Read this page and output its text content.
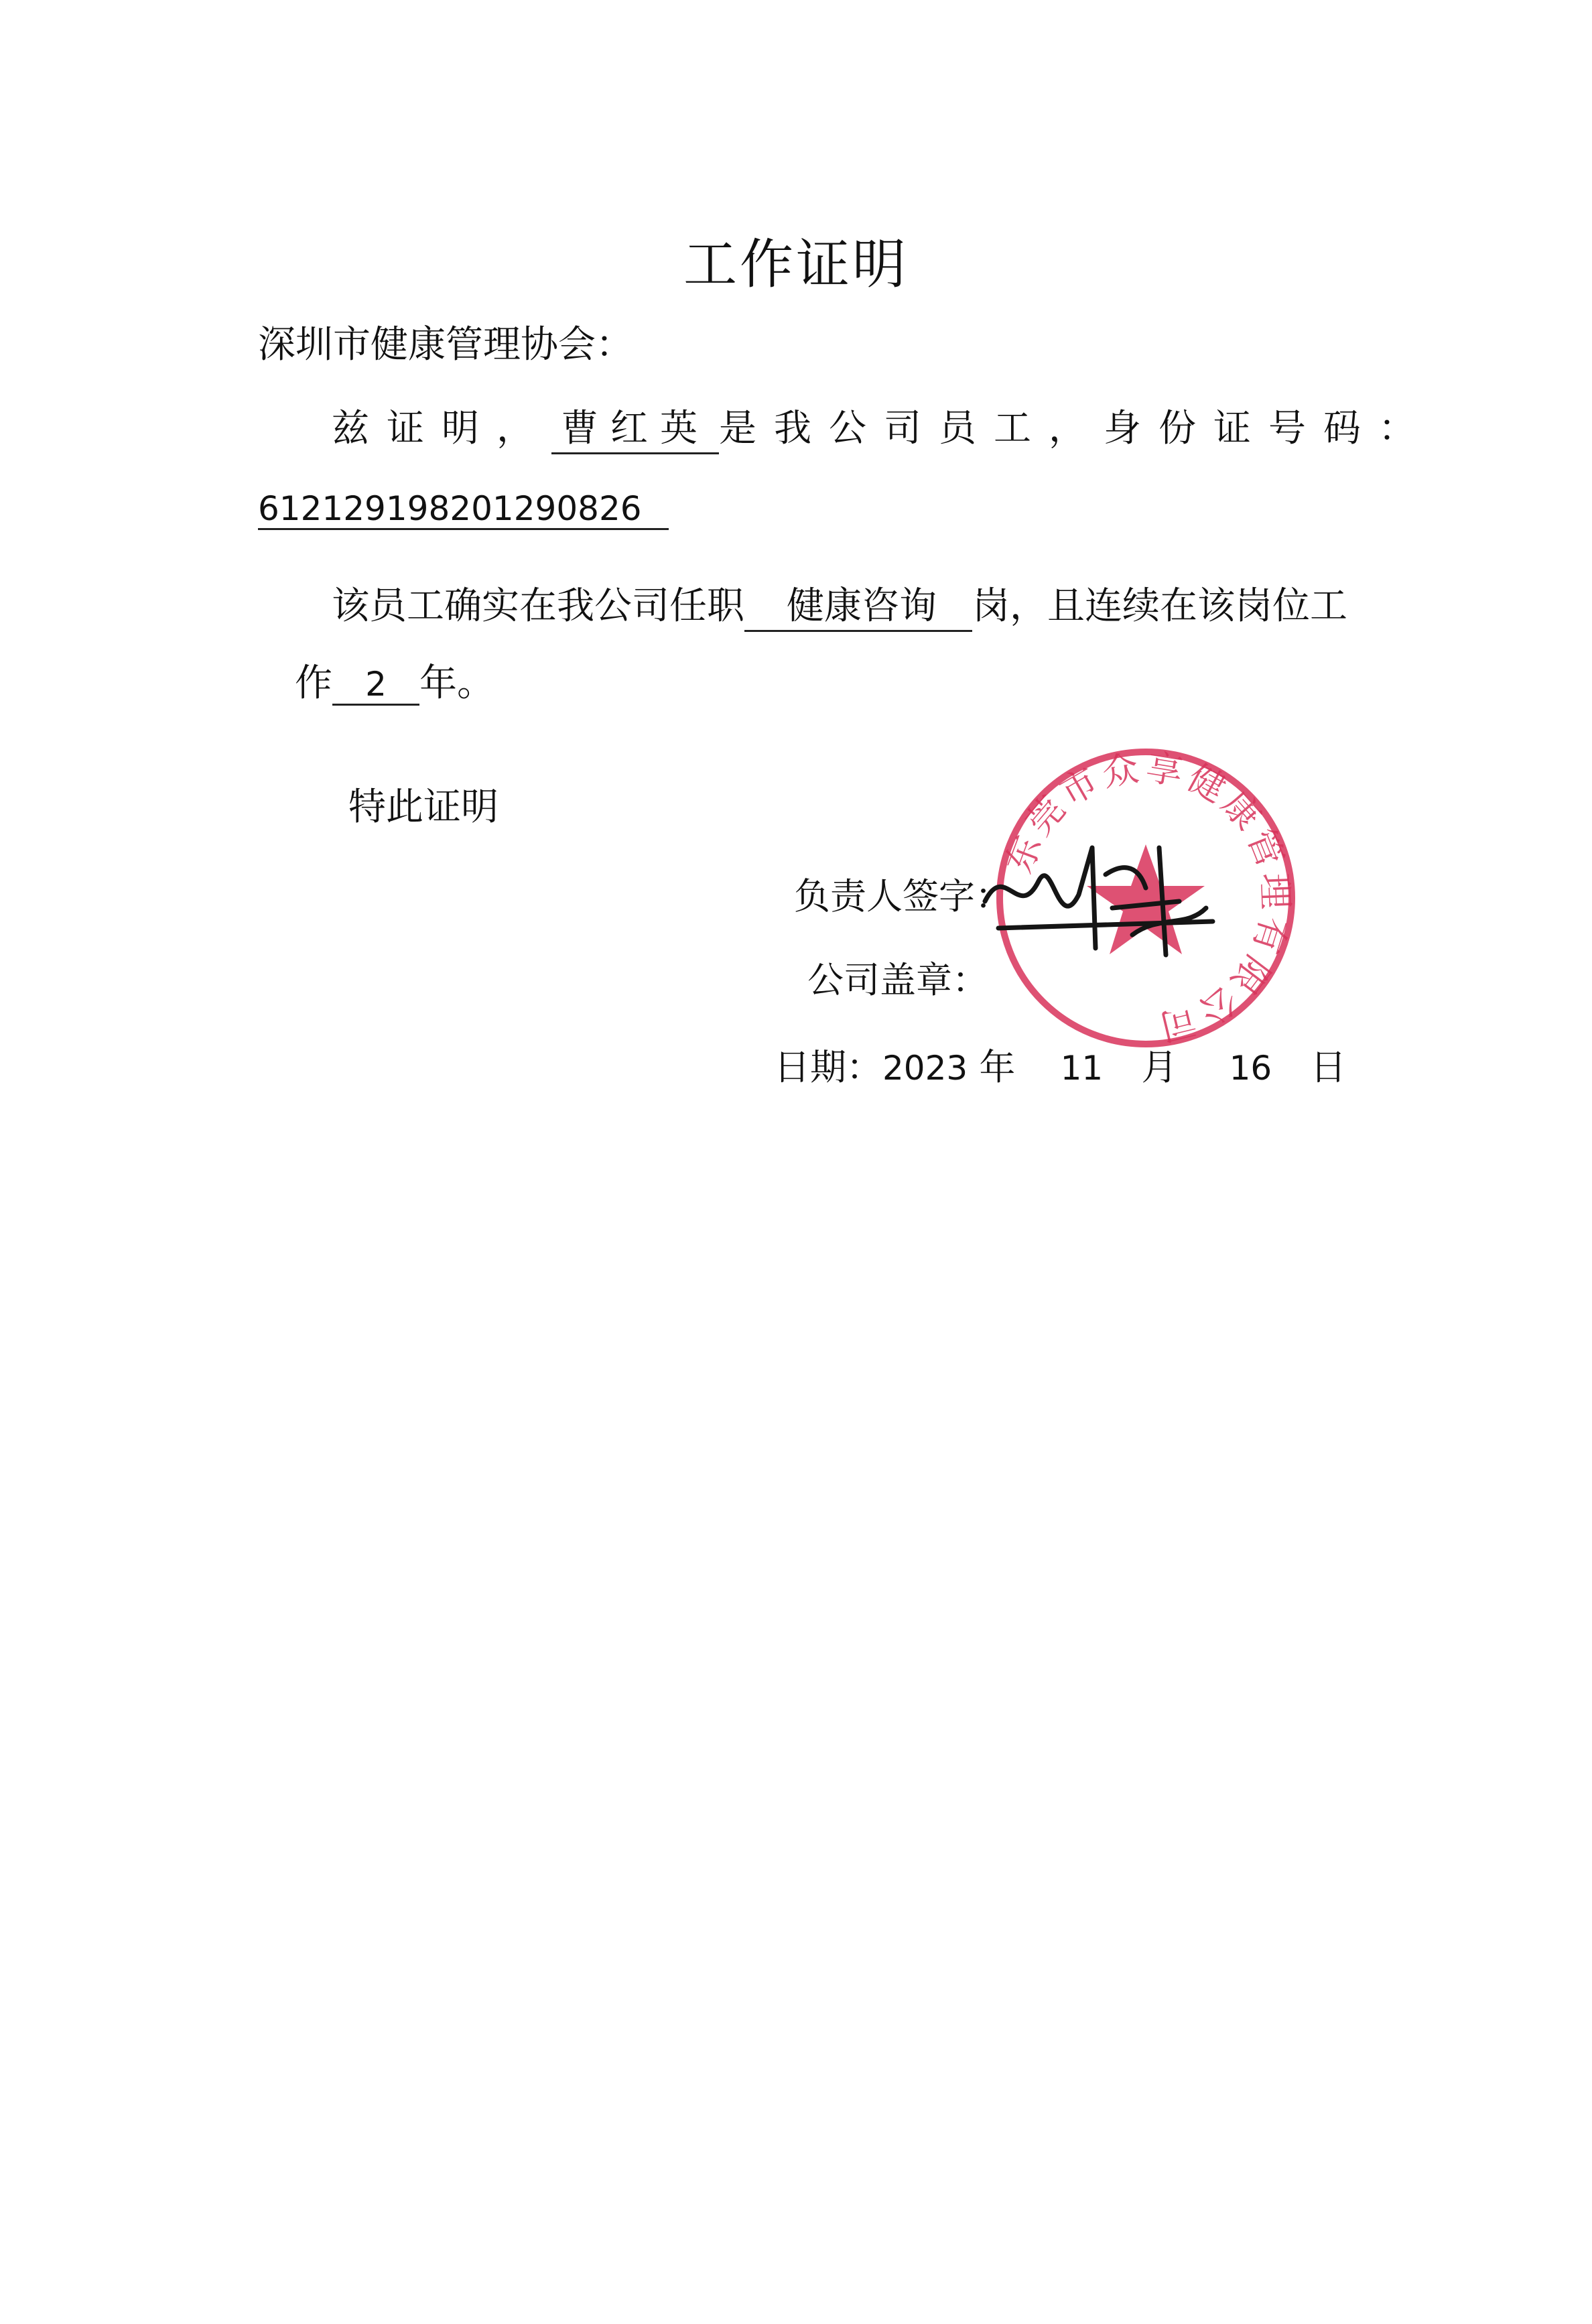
工作证明
深圳市健康管理协会：
兹证明， 曹红英 是我公司员工，身份证号码：
612129198201290826
该员工确实在我公司任职 健康咨询 岗，且连续在该岗位工
作 2 年。
特此证明
负责人签字：
公司盖章：
日期：2023 年 11 月 16 日
东莞市众享健康管理有限公司
